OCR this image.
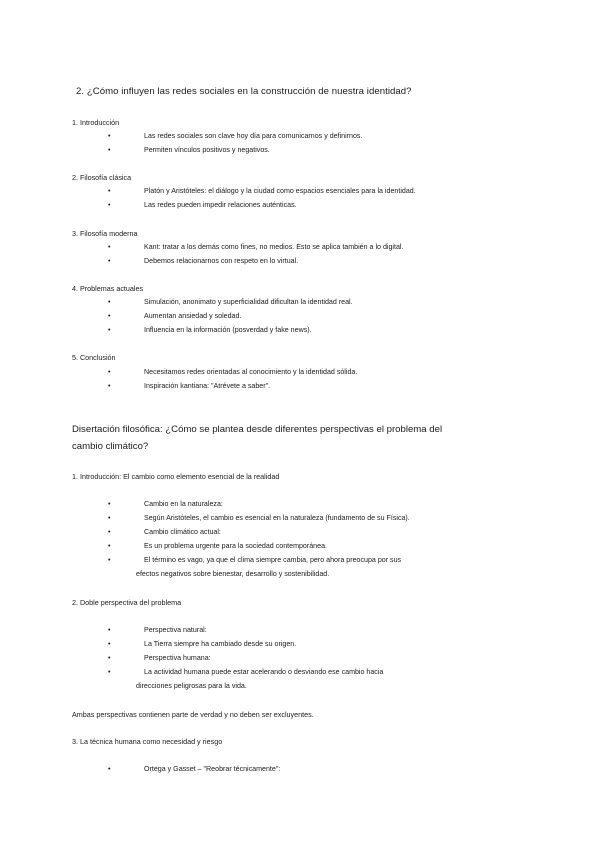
2. ¿Cómo influyen las redes sociales en la construcción de nuestra identidad?
1. Introducción
•	Las redes sociales son clave hoy día para comunicarnos y definirnos.
•	Permiten vínculos positivos y negativos.
2. Filosofía clásica
•	Platón y Aristóteles: el diálogo y la ciudad como espacios esenciales para la identidad.
•	Las redes pueden impedir relaciones auténticas.
3. Filosofía moderna
•	Kant: tratar a los demás como fines, no medios. Esto se aplica también a lo digital.
•	Debemos relacionarnos con respeto en lo virtual.
4. Problemas actuales
•	Simulación, anonimato y superficialidad dificultan la identidad real.
•	Aumentan ansiedad y soledad.
•	Influencia en la información (posverdad y fake news).
5. Conclusión
•	Necesitamos redes orientadas al conocimiento y la identidad sólida.
•	Inspiración kantiana: "Atrévete a saber".
Disertación filosófica: ¿Cómo se plantea desde diferentes perspectivas el problema del
cambio climático?
1. Introducción: El cambio como elemento esencial de la realidad
•	Cambio en la naturaleza:
•	Según Aristóteles, el cambio es esencial en la naturaleza (fundamento de su Física).
•	Cambio climático actual:
•	Es un problema urgente para la sociedad contemporánea.
•	El término es vago, ya que el clima siempre cambia, pero ahora preocupa por sus
efectos negativos sobre bienestar, desarrollo y sostenibilidad.
2. Doble perspectiva del problema
•	Perspectiva natural:
•	La Tierra siempre ha cambiado desde su origen.
•	Perspectiva humana:
•	La actividad humana puede estar acelerando o desviando ese cambio hacia
direcciones peligrosas para la vida.
Ambas perspectivas contienen parte de verdad y no deben ser excluyentes.
3. La técnica humana como necesidad y riesgo
•	Ortega y Gasset – "Reobrar técnicamente":
